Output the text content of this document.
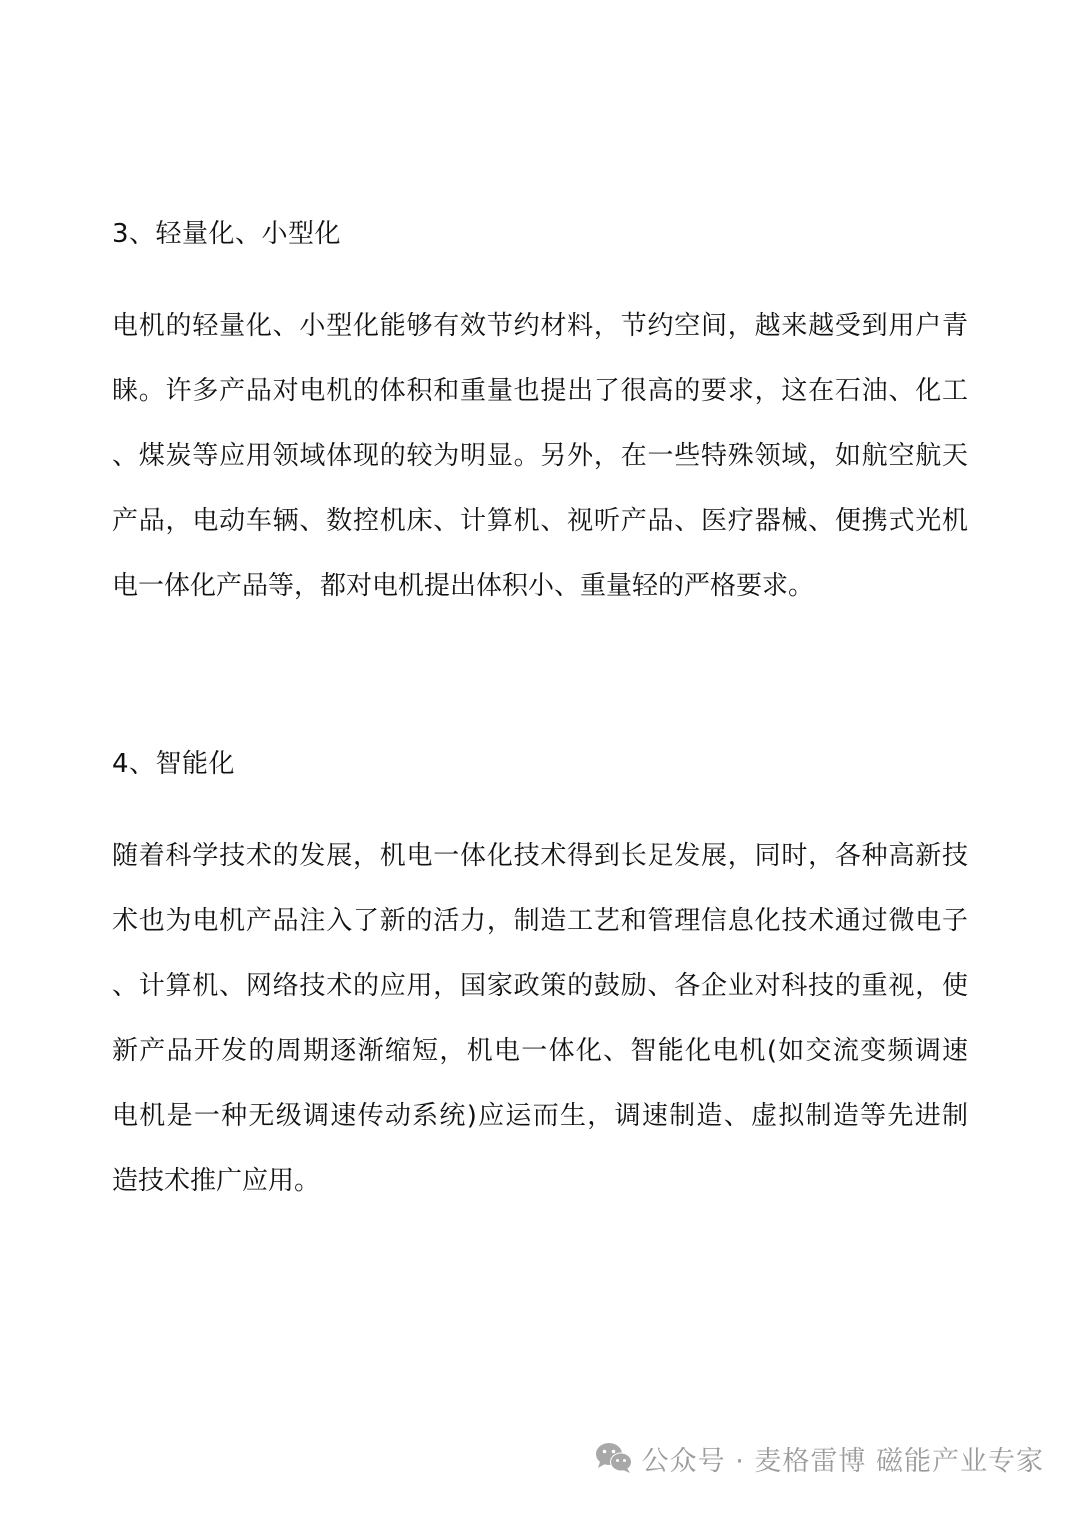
3、轻量化、小型化
电机的轻量化、小型化能够有效节约材料，节约空间，越来越受到用户青
睐。许多产品对电机的体积和重量也提出了很高的要求，这在石油、化工
、煤炭等应用领域体现的较为明显。另外，在一些特殊领域，如航空航天
产品，电动车辆、数控机床、计算机、视听产品、医疗器械、便携式光机
电一体化产品等，都对电机提出体积小、重量轻的严格要求。
4、智能化
随着科学技术的发展，机电一体化技术得到长足发展，同时，各种高新技
术也为电机产品注入了新的活力，制造工艺和管理信息化技术通过微电子
、计算机、网络技术的应用，国家政策的鼓励、各企业对科技的重视，使
新产品开发的周期逐渐缩短，机电一体化、智能化电机(如交流变频调速
电机是一种无级调速传动系统)应运而生，调速制造、虚拟制造等先进制
造技术推广应用。
公众号 · 麦格雷博 磁能产业专家
